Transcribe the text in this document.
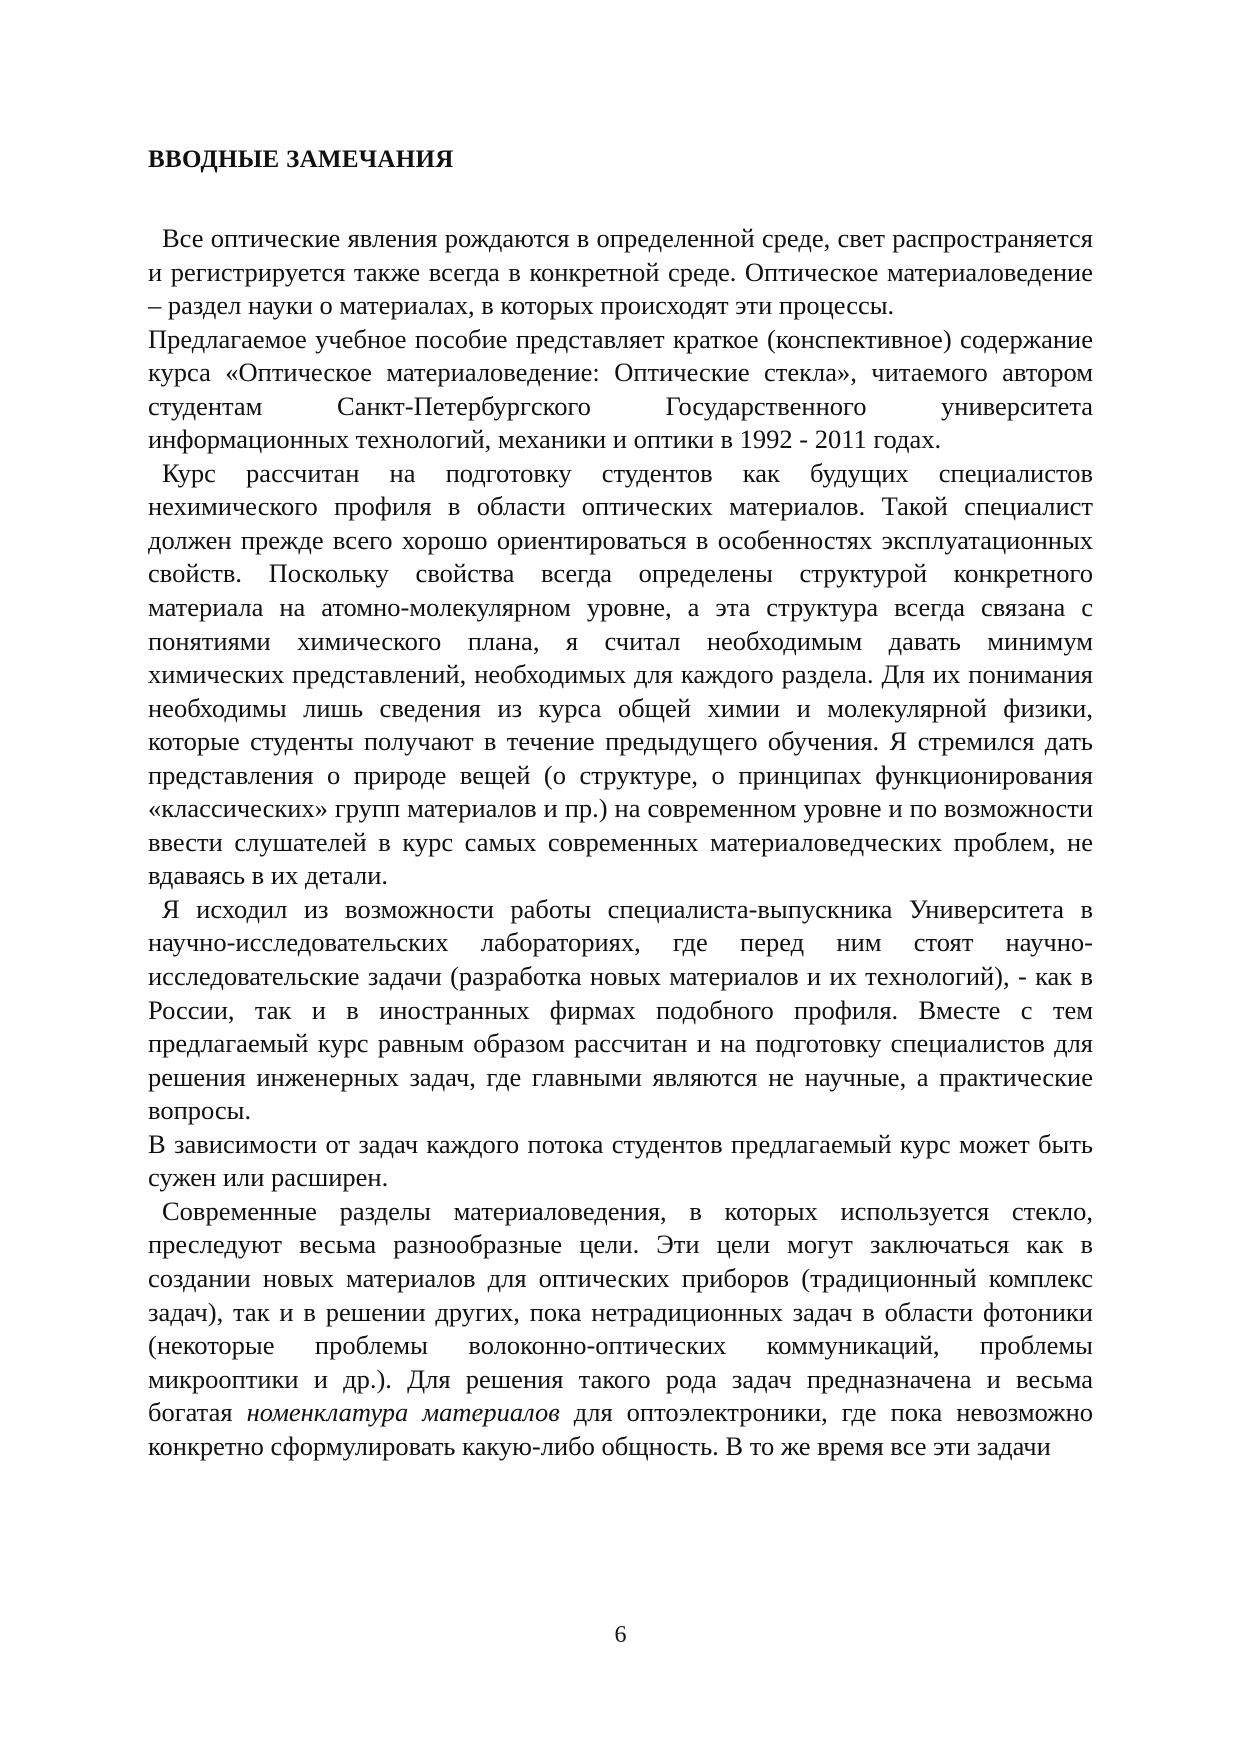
ВВОДНЫЕ ЗАМЕЧАНИЯ

Все оптические явления рождаются в определенной среде, свет распространяется и регистрируется также всегда в конкретной среде. Оптическое материаловедение – раздел науки о материалах, в которых происходят эти процессы.

Предлагаемое учебное пособие представляет краткое (конспективное) содержание курса «Оптическое материаловедение: Оптические стекла», читаемого автором студентам Санкт-Петербургского Государственного университета информационных технологий, механики и оптики в 1992 - 2011 годах.

Курс рассчитан на подготовку студентов как будущих специалистов нехимического профиля в области оптических материалов. Такой специалист должен прежде всего хорошо ориентироваться в особенностях эксплуатационных свойств. Поскольку свойства всегда определены структурой конкретного материала на атомно-молекулярном уровне, а эта структура всегда связана с понятиями химического плана, я считал необходимым давать минимум химических представлений, необходимых для каждого раздела. Для их понимания необходимы лишь сведения из курса общей химии и молекулярной физики, которые студенты получают в течение предыдущего обучения. Я стремился дать представления о природе вещей (о структуре, о принципах функционирования «классических» групп материалов и пр.) на современном уровне и по возможности ввести слушателей в курс самых современных материаловедческих проблем, не вдаваясь в их детали.

Я исходил из возможности работы специалиста-выпускника Университета в научно-исследовательских лабораториях, где перед ним стоят научно-исследовательские задачи (разработка новых материалов и их технологий), - как в России, так и в иностранных фирмах подобного профиля. Вместе с тем предлагаемый курс равным образом рассчитан и на подготовку специалистов для решения инженерных задач, где главными являются не научные, а практические вопросы.

В зависимости от задач каждого потока студентов предлагаемый курс может быть сужен или расширен.

Современные разделы материаловедения, в которых используется стекло, преследуют весьма разнообразные цели. Эти цели могут заключаться как в создании новых материалов для оптических приборов (традиционный комплекс задач), так и в решении других, пока нетрадиционных задач в области фотоники (некоторые проблемы волоконно-оптических коммуникаций, проблемы микрооптики и др.). Для решения такого рода задач предназначена и весьма богатая номенклатура материалов для оптоэлектроники, где пока невозможно конкретно сформулировать какую-либо общность. В то же время все эти задачи

6
